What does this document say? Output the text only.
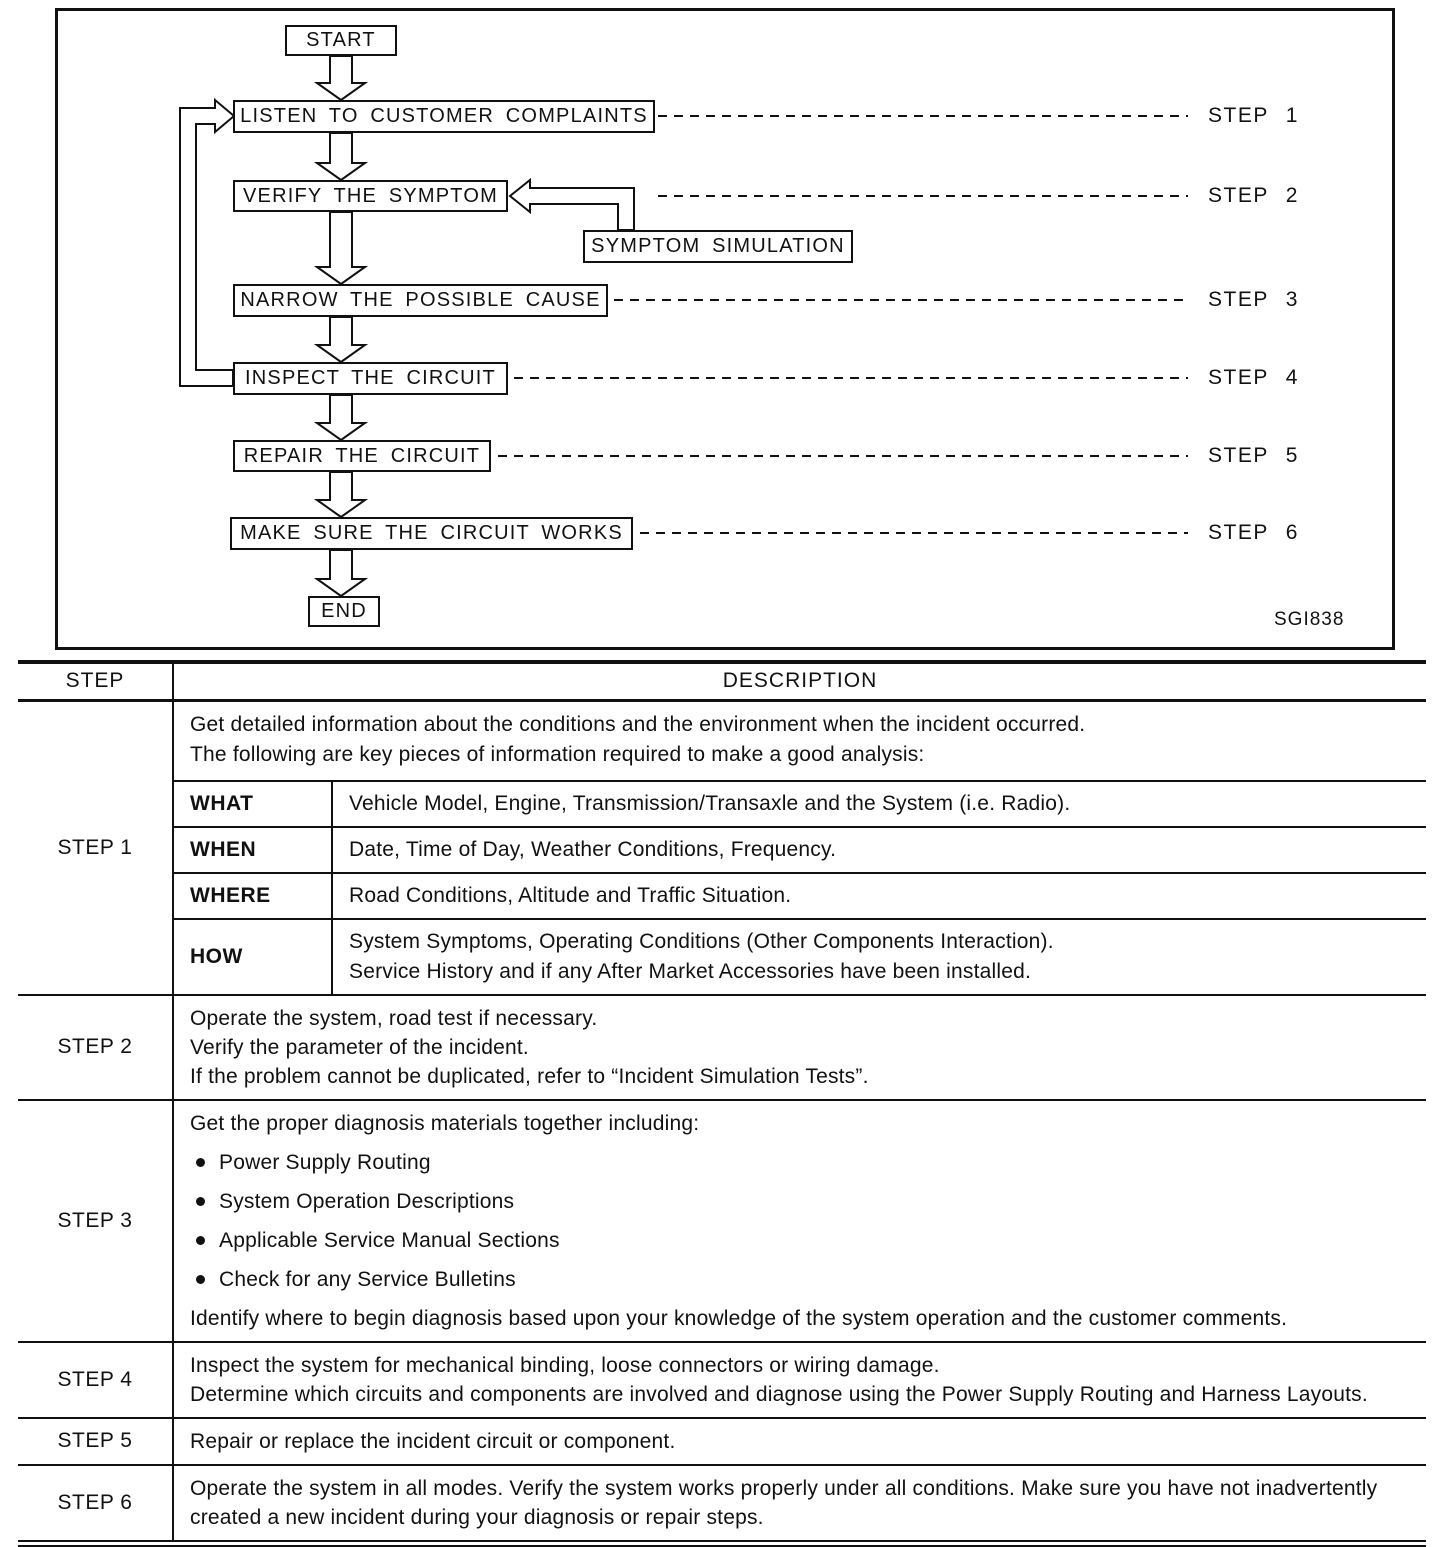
START
LISTEN TO CUSTOMER COMPLAINTS
VERIFY THE SYMPTOM
SYMPTOM SIMULATION
NARROW THE POSSIBLE CAUSE
INSPECT THE CIRCUIT
REPAIR THE CIRCUIT
MAKE SURE THE CIRCUIT WORKS
END
STEP 1
STEP 2
STEP 3
STEP 4
STEP 5
STEP 6
SGI838
STEP	DESCRIPTION
STEP 1	
Get detailed information about the conditions and the environment when the incident occurred.
The following are key pieces of information required to make a good analysis:
WHAT	Vehicle Model, Engine, Transmission/Transaxle and the System (i.e. Radio).
WHEN	Date, Time of Day, Weather Conditions, Frequency.
WHERE	Road Conditions, Altitude and Traffic Situation.
HOW	
System Symptoms, Operating Conditions (Other Components Interaction).
Service History and if any After Market Accessories have been installed.

STEP 2	
Operate the system, road test if necessary.
Verify the parameter of the incident.
If the problem cannot be duplicated, refer to “Incident Simulation Tests”.

STEP 3	
Get the proper diagnosis materials together including:
Power Supply Routing
System Operation Descriptions
Applicable Service Manual Sections
Check for any Service Bulletins
Identify where to begin diagnosis based upon your knowledge of the system operation and the customer comments.

STEP 4	
Inspect the system for mechanical binding, loose connectors or wiring damage.
Determine which circuits and components are involved and diagnose using the Power Supply Routing and Harness Layouts.

STEP 5	Repair or replace the incident circuit or component.

STEP 6	
Operate the system in all modes. Verify the system works properly under all conditions. Make sure you have not inadvertently created a new incident during your diagnosis or repair steps.
